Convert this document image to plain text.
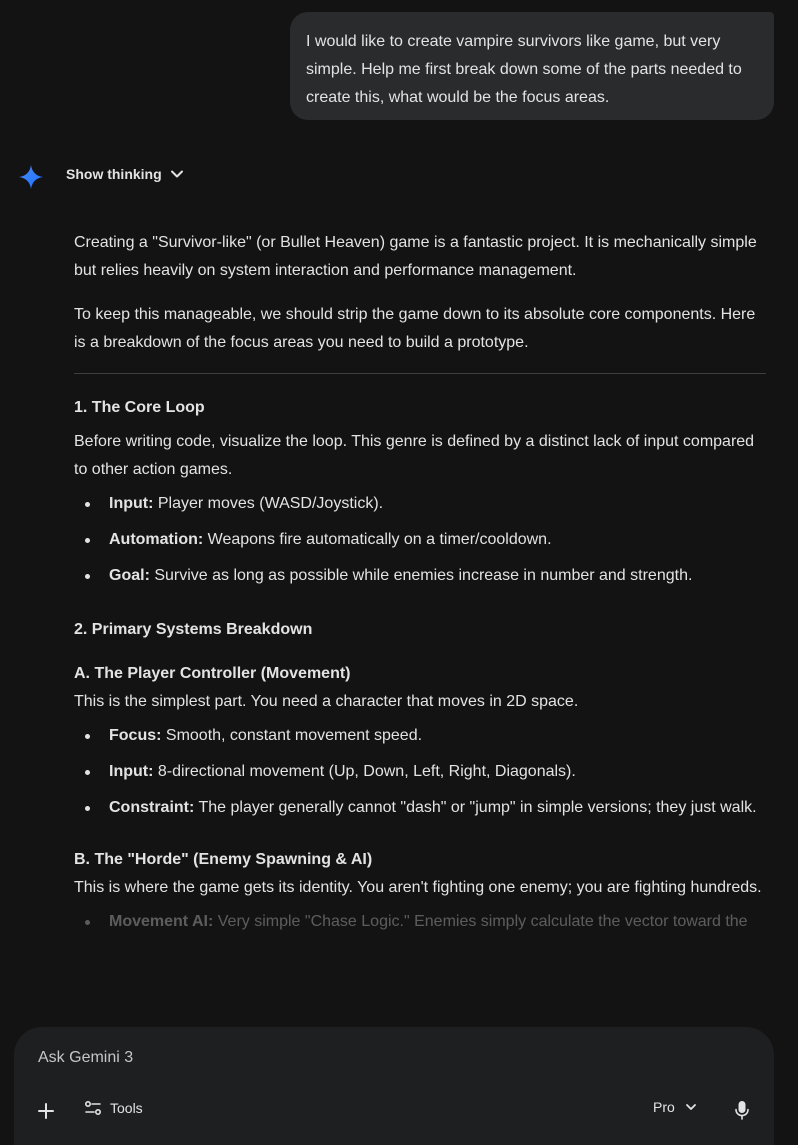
I would like to create vampire survivors like game, but very simple. Help me first break down some of the parts needed to create this, what would be the focus areas.
Show thinking

Creating a "Survivor-like" (or Bullet Heaven) game is a fantastic project. It is mechanically simple but relies heavily on system interaction and performance management.

To keep this manageable, we should strip the game down to its absolute core components. Here is a breakdown of the focus areas you need to build a prototype.

1. The Core Loop

Before writing code, visualize the loop. This genre is defined by a distinct lack of input compared to other action games.

Input: Player moves (WASD/Joystick).
Automation: Weapons fire automatically on a timer/cooldown.
Goal: Survive as long as possible while enemies increase in number and strength.
2. Primary Systems Breakdown
A. The Player Controller (Movement)

This is the simplest part. You need a character that moves in 2D space.

Focus: Smooth, constant movement speed.
Input: 8-directional movement (Up, Down, Left, Right, Diagonals).
Constraint: The player generally cannot "dash" or "jump" in simple versions; they just walk.
B. The "Horde" (Enemy Spawning & AI)

This is where the game gets its identity. You aren't fighting one enemy; you are fighting hundreds.

Movement AI: Very simple "Chase Logic." Enemies simply calculate the vector toward the
Ask Gemini 3
Tools	Pro
